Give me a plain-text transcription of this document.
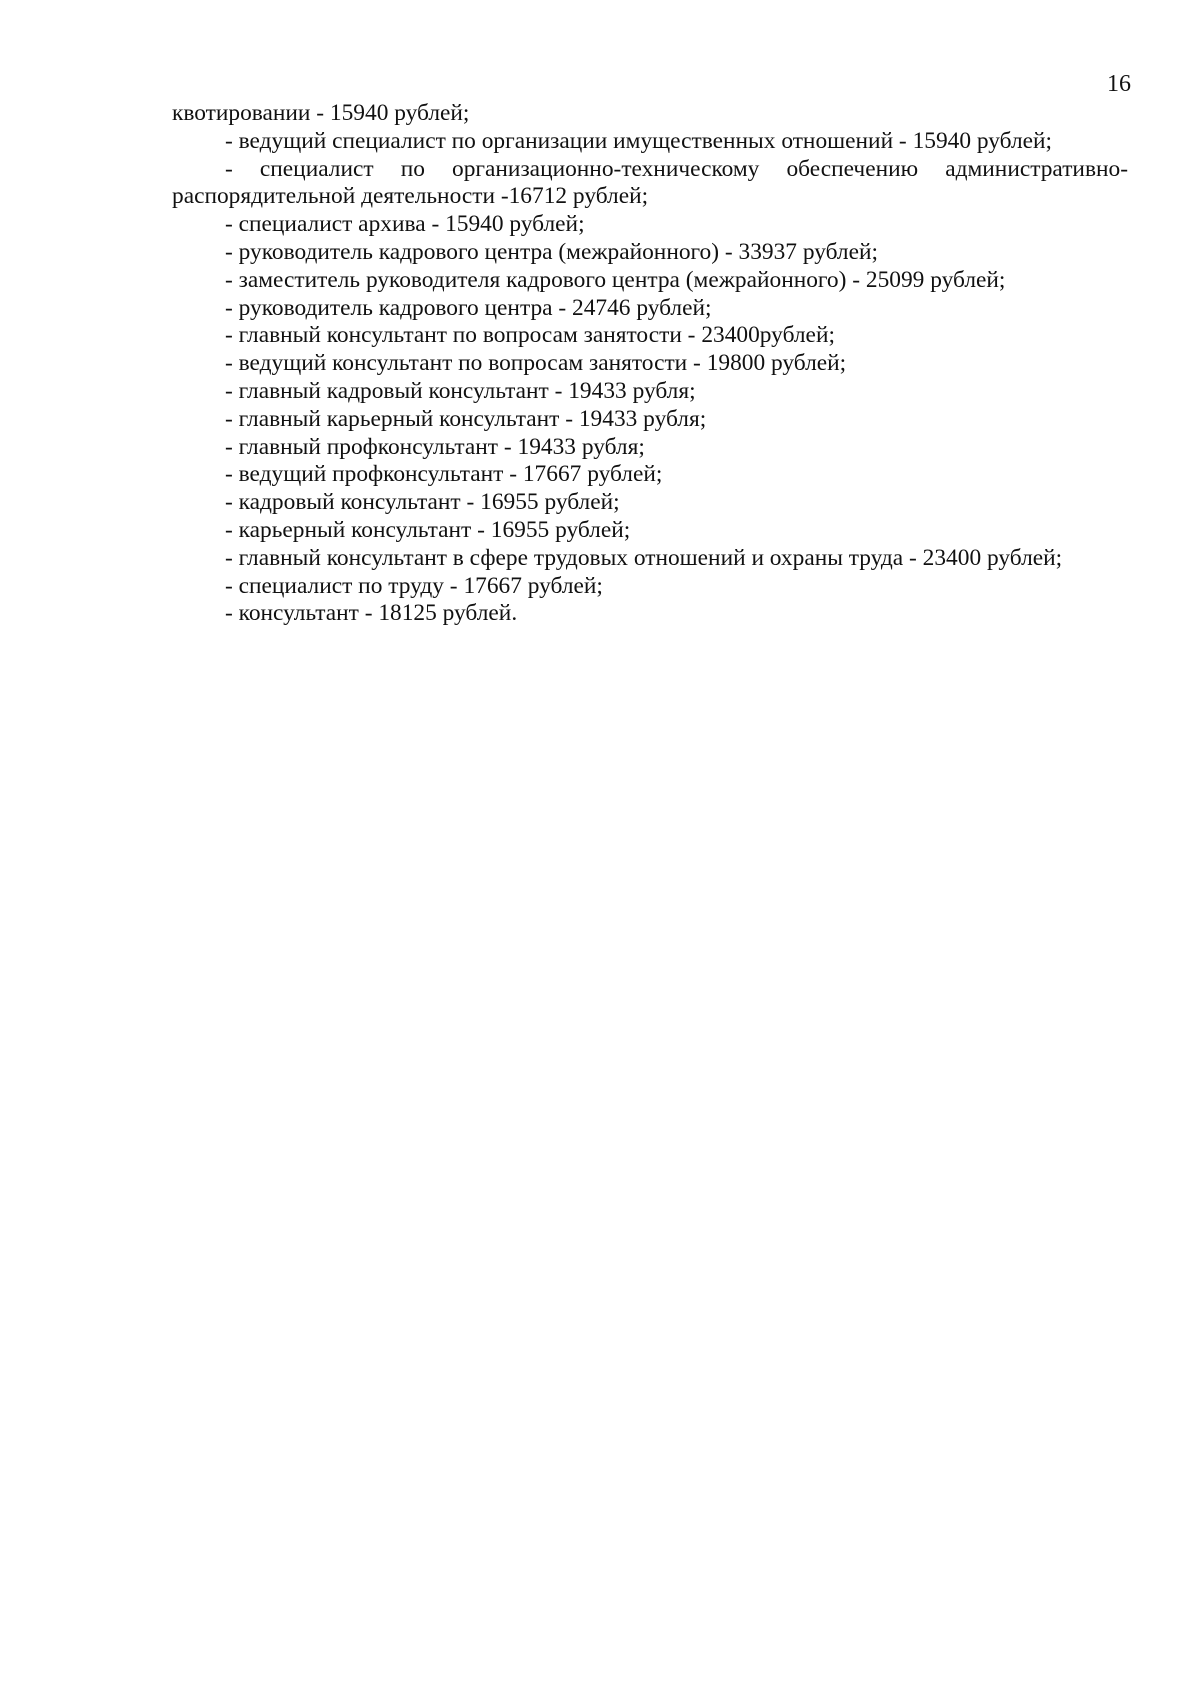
16

квотировании - 15940 рублей;

- ведущий специалист по организации имущественных отношений - 15940 рублей;

- специалист по организационно-техническому обеспечению административно-

распорядительной деятельности -16712 рублей;

- специалист архива - 15940 рублей;

- руководитель кадрового центра (межрайонного) - 33937 рублей;

- заместитель руководителя кадрового центра (межрайонного) - 25099 рублей;

- руководитель кадрового центра - 24746 рублей;

- главный консультант по вопросам занятости - 23400рублей;

- ведущий консультант по вопросам занятости - 19800 рублей;

- главный кадровый консультант - 19433 рубля;

- главный карьерный консультант - 19433 рубля;

- главный профконсультант - 19433 рубля;

- ведущий профконсультант - 17667 рублей;

- кадровый консультант - 16955 рублей;

- карьерный консультант - 16955 рублей;

- главный консультант в сфере трудовых отношений и охраны труда - 23400 рублей;

- специалист по труду - 17667 рублей;

- консультант - 18125 рублей.
